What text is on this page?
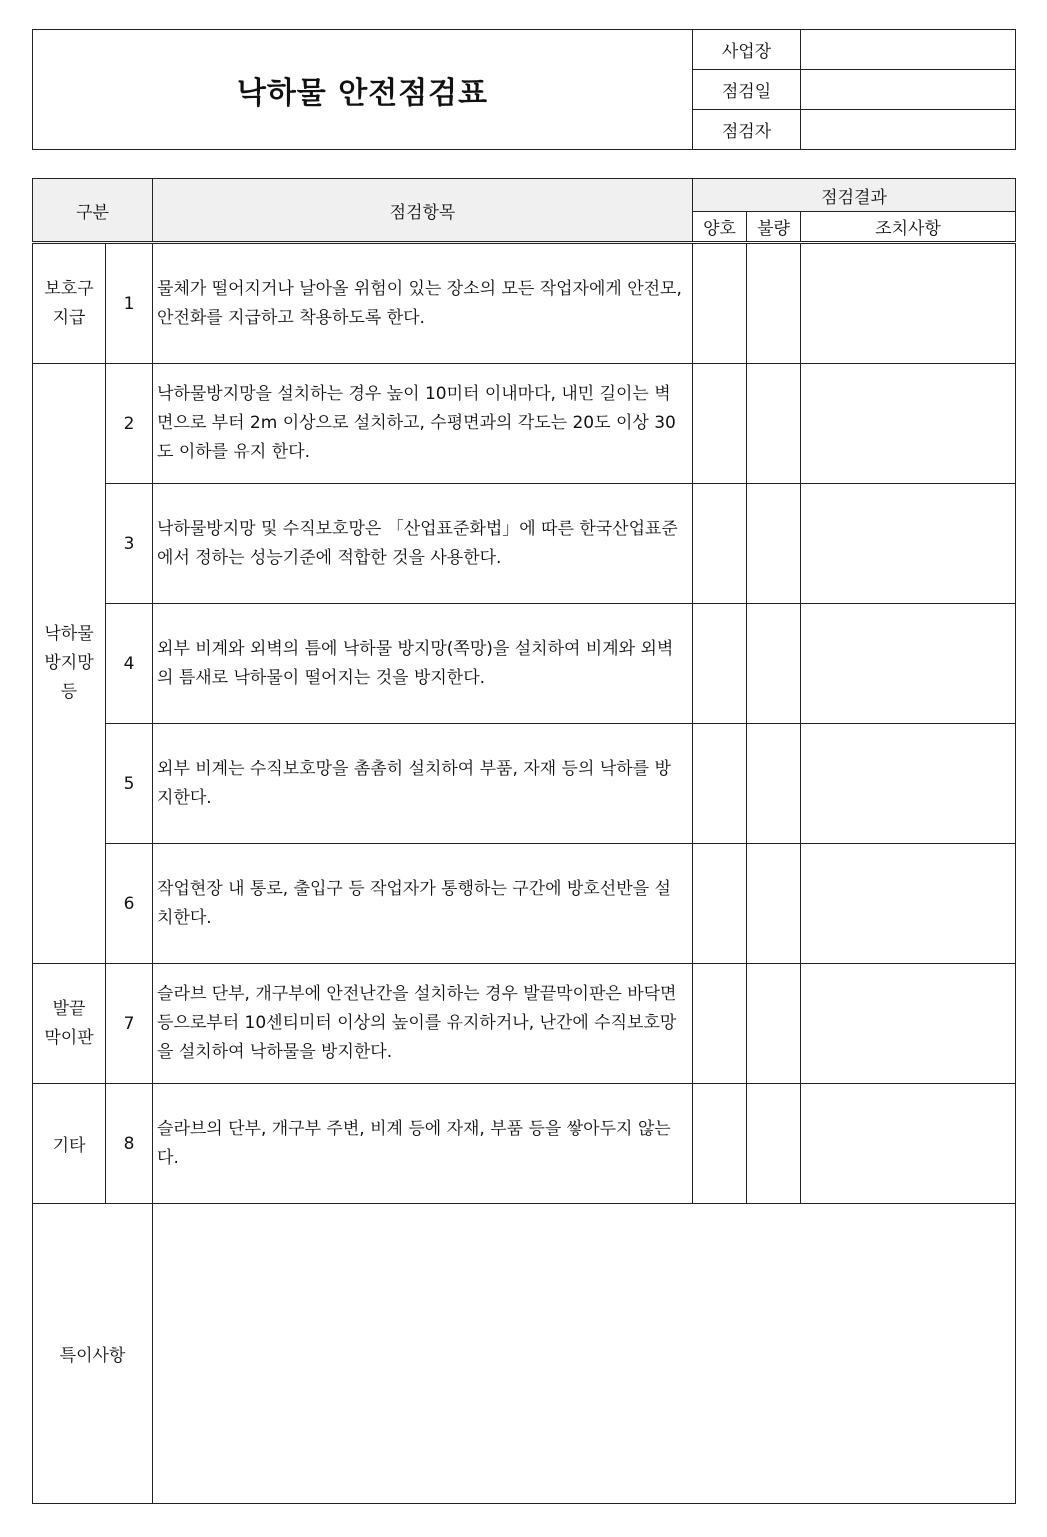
낙하물 안전점검표	사업장	
	점검일	
	점검자	
구분		점검항목	점검결과		
			양호	불량	조치사항
보호구
지급	1	물체가 떨어지거나 날아올 위험이 있는 장소의 모든 작업자에게 안전모, 안전화를 지급하고 착용하도록 한다.			
낙하물
방지망
등	2	낙하물방지망을 설치하는 경우 높이 10미터 이내마다, 내민 길이는 벽면으로 부터 2m 이상으로 설치하고, 수평면과의 각도는 20도 이상 30도 이하를 유지 한다.			
	3	낙하물방지망 및 수직보호망은 「산업표준화법」에 따른 한국산업표준에서 정하는 성능기준에 적합한 것을 사용한다.			
	4	외부 비계와 외벽의 틈에 낙하물 방지망(쪽망)을 설치하여 비계와 외벽의 틈새로 낙하물이 떨어지는 것을 방지한다.			
	5	외부 비계는 수직보호망을 촘촘히 설치하여 부품, 자재 등의 낙하를 방지한다.			
	6	작업현장 내 통로, 출입구 등 작업자가 통행하는 구간에 방호선반을 설치한다.			
발끝
막이판	7	슬라브 단부, 개구부에 안전난간을 설치하는 경우 발끝막이판은 바닥면 등으로부터 10센티미터 이상의 높이를 유지하거나, 난간에 수직보호망을 설치하여 낙하물을 방지한다.			
기타	8	슬라브의 단부, 개구부 주변, 비계 등에 자재, 부품 등을 쌓아두지 않는다.			
특이사항					
